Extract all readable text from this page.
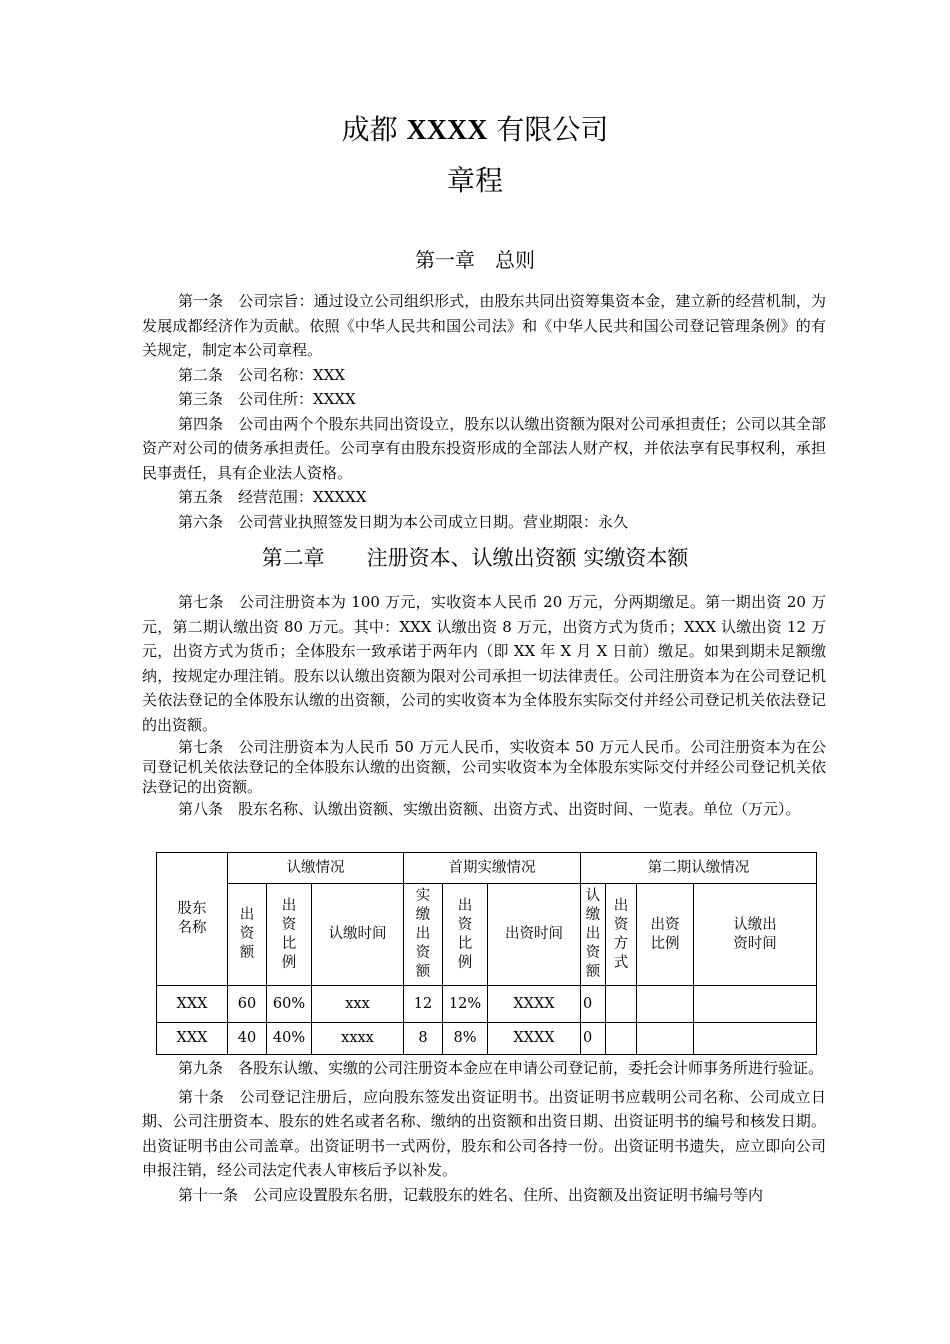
成都 XXXX 有限公司
章程
第一章　总则

第一条 公司宗旨：通过设立公司组织形式，由股东共同出资筹集资本金，建立新的经营机制，为发展成都经济作为贡献。依照《中华人民共和国公司法》和《中华人民共和国公司登记管理条例》的有关规定，制定本公司章程。

第二条 公司名称：XXX

第三条 公司住所：XXXX

第四条 公司由两个个股东共同出资设立，股东以认缴出资额为限对公司承担责任；公司以其全部资产对公司的债务承担责任。公司享有由股东投资形成的全部法人财产权，并依法享有民事权利，承担民事责任，具有企业法人资格。

第五条 经营范围：XXXXX

第六条 公司营业执照签发日期为本公司成立日期。营业期限：永久

第二章　　注册资本、认缴出资额 实缴资本额

第七条 公司注册资本为 100 万元，实收资本人民币 20 万元，分两期缴足。第一期出资 20 万元，第二期认缴出资 80 万元。其中：XXX 认缴出资 8 万元，出资方式为货币；XXX 认缴出资 12 万元，出资方式为货币；全体股东一致承诺于两年内（即 XX 年 X 月 X 日前）缴足。如果到期未足额缴纳，按规定办理注销。股东以认缴出资额为限对公司承担一切法律责任。公司注册资本为在公司登记机关依法登记的全体股东认缴的出资额，公司的实收资本为全体股东实际交付并经公司登记机关依法登记的出资额。

第七条 公司注册资本为人民币 50 万元人民币，实收资本 50 万元人民币。公司注册资本为在公司登记机关依法登记的全体股东认缴的出资额，公司实收资本为全体股东实际交付并经公司登记机关依法登记的出资额。

第八条 股东名称、认缴出资额、实缴出资额、出资方式、出资时间、一览表。单位（万元）。

股东名称	认缴情况			首期实缴情况			第二期认缴情况			
	出资额	出资比例	认缴时间	实缴出资额	出资比例	出资时间	认缴出资额	出资方式	出资比例	认缴出资时间
XXX	60	60%	xxx	12	12%	XXXX	0			
XXX	40	40%	xxxx	8	8%	XXXX	0			

第九条 各股东认缴、实缴的公司注册资本金应在申请公司登记前，委托会计师事务所进行验证。

第十条 公司登记注册后，应向股东签发出资证明书。出资证明书应载明公司名称、公司成立日期、公司注册资本、股东的姓名或者名称、缴纳的出资额和出资日期、出资证明书的编号和核发日期。出资证明书由公司盖章。出资证明书一式两份，股东和公司各持一份。出资证明书遗失，应立即向公司申报注销，经公司法定代表人审核后予以补发。

第十一条 公司应设置股东名册，记载股东的姓名、住所、出资额及出资证明书编号等内
